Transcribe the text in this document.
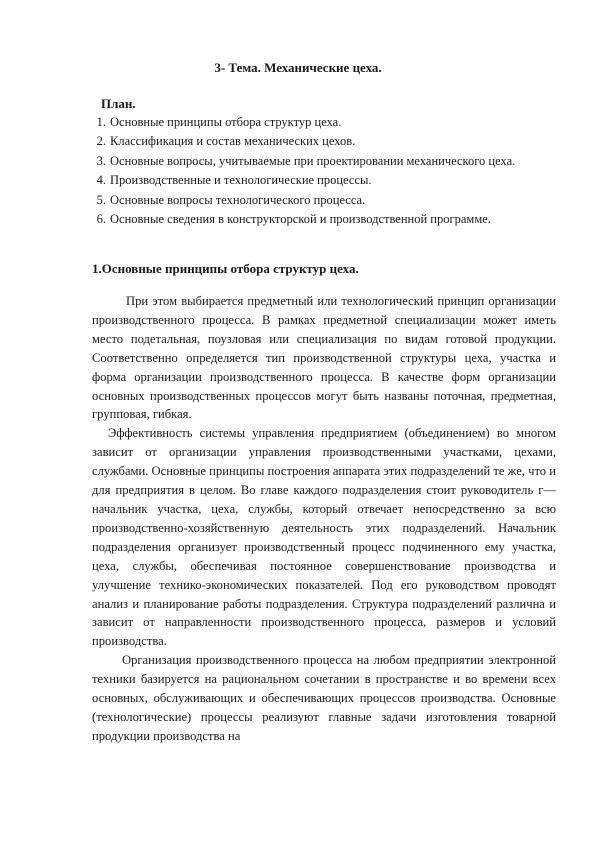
3- Тема. Механические цеха.
План.
1. Основные принципы отбора структур цеха.
2. Классификация и состав механических цехов.
3. Основные вопросы, учитываемые при проектировании механического цеха.
4. Производственные и технологические процессы.
5. Основные вопросы технологического процесса.
6. Основные сведения в конструкторской и производственной программе.
1.Основные принципы отбора структур цеха.

При этом выбирается предметный или технологический принцип организации производственного процесса. В рамках предметной специализации может иметь место подетальная, поузловая или специализация по видам готовой продукции. Соответственно определяется тип производственной структуры цеха, участка и форма организации производственного процесса. В качестве форм организации основных производственных процессов могут быть названы поточная, предметная, групповая, гибкая.

Эффективность системы управления предприятием (объединением) во многом зависит от организации управления производственными участками, цехами, службами. Основные принципы построения аппарата этих подразделений те же, что и для предприятия в целом. Во главе каждого подразделения стоит руководитель г— начальник участка, цеха, службы, который отвечает непосредственно за всю производственно-хозяйственную деятельность этих подразделений. Начальник подразделения организует производственный процесс подчиненного ему участка, цеха, службы, обеспечивая постоянное совершенствование производства и улучшение технико-экономических показателей. Под его руководством проводят анализ и планирование работы подразделения. Структура подразделений различна и зависит от направленности производственного процесса, размеров и условий производства.

Организация производственного процесса на любом предприятии электронной техники базируется на рациональном сочетании в пространстве и во времени всех основных, обслуживающих и обеспечивающих процессов производства. Основные (технологические) процессы реализуют главные задачи изготовления товарной продукции производства на
